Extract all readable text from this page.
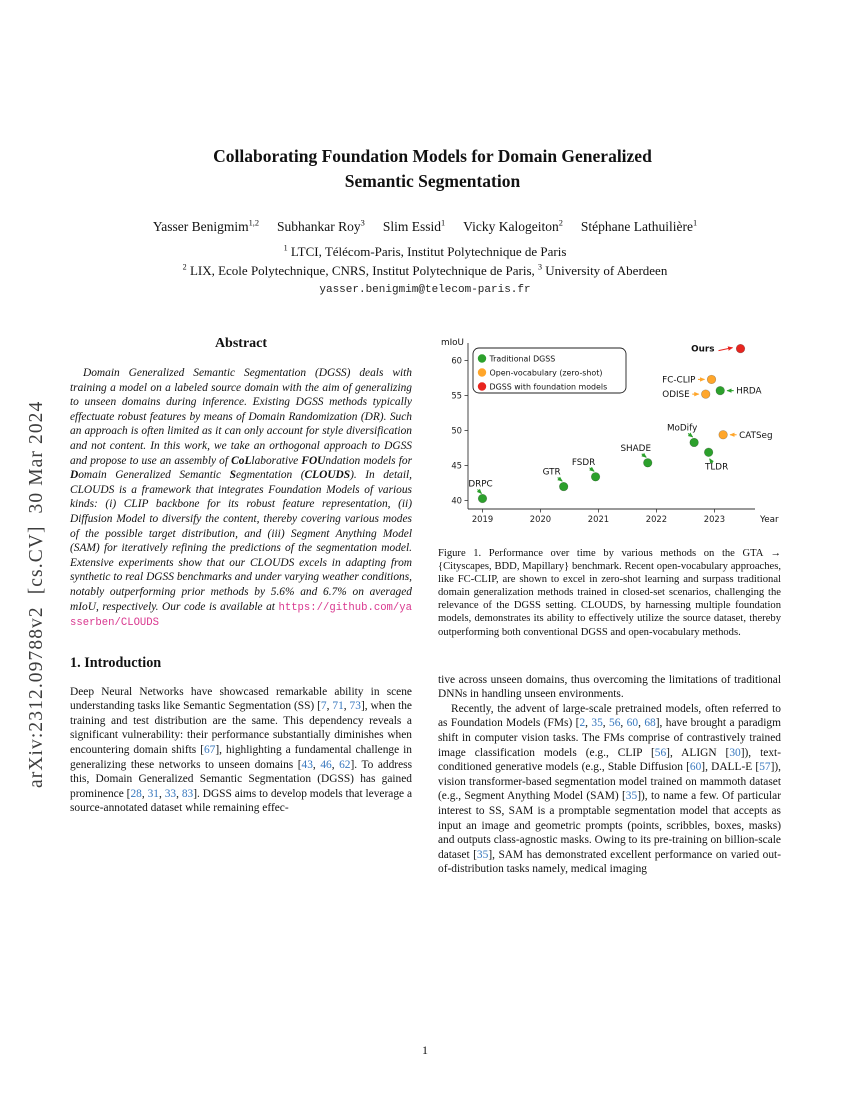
arXiv:2312.09788v2  [cs.CV]  30 Mar 2024
Collaborating Foundation Models for Domain Generalized
Semantic Segmentation
Yasser Benigmim$^{1,2}$ Subhankar Roy$^3$ Slim Essid$^1$ Vicky Kalogeiton$^2$ Stéphane Lathuilière$^1$
$^1$ LTCI, Télécom-Paris, Institut Polytechnique de Paris
$^2$ LIX, Ecole Polytechnique, CNRS, Institut Polytechnique de Paris, $^3$ University of Aberdeen
yasser.benigmim@telecom-paris.fr
Abstract

Domain Generalized Semantic Segmentation (DGSS) deals with training a model on a labeled source domain with the aim of generalizing to unseen domains during inference. Existing DGSS methods typically effectuate robust features by means of Domain Randomization (DR). Such an approach is often limited as it can only account for style diversification and not content. In this work, we take an orthogonal approach to DGSS and propose to use an assembly of CoLlaborative FOUndation models for Domain Generalized Semantic Segmentation (CLOUDS). In detail, CLOUDS is a framework that integrates Foundation Models of various kinds: (i) CLIP backbone for its robust feature representation, (ii) Diffusion Model to diversify the content, thereby covering various modes of the possible target distribution, and (iii) Segment Anything Model (SAM) for iteratively refining the predictions of the segmentation model. Extensive experiments show that our CLOUDS excels in adapting from synthetic to real DGSS benchmarks and under varying weather conditions, notably outperforming prior methods by 5.6% and 6.7% on averaged mIoU, respectively. Our code is available at https://github.com/yasserben/CLOUDS

1. Introduction

Deep Neural Networks have showcased remarkable ability in scene understanding tasks like Semantic Segmentation (SS) [7, 71, 73], when the training and test distribution are the same. This dependency reveals a significant vulnerability: their performance substantially diminishes when encountering domain shifts [67], highlighting a fundamental challenge in generalizing these networks to unseen domains [43, 46, 62]. To address this, Domain Generalized Semantic Segmentation (DGSS) has gained prominence [28, 31, 33, 83]. DGSS aims to develop models that leverage a source-annotated dataset while remaining effec-

2019	2020	2021	2022	2023
40
45
50
55
60
mIoU
Year
Traditional DGSS
Open-vocabulary (zero-shot)
DGSS with foundation models
DRPC
GTR
FSDR
SHADE
MoDify
TLDR
CATSeg
ODISE
FC-CLIP
HRDA
Ours
Figure 1. Performance over time by various methods on the GTA → {Cityscapes, BDD, Mapillary} benchmark. Recent open-vocabulary approaches, like FC-CLIP, are shown to excel in zero-shot learning and surpass traditional domain generalization methods trained in closed-set scenarios, challenging the relevance of the DGSS setting. CLOUDS, by harnessing multiple foundation models, demonstrates its ability to effectively utilize the source dataset, thereby outperforming both conventional DGSS and open-vocabulary methods.

tive across unseen domains, thus overcoming the limitations of traditional DNNs in handling unseen environments.

Recently, the advent of large-scale pretrained models, often referred to as Foundation Models (FMs) [2, 35, 56, 60, 68], have brought a paradigm shift in computer vision tasks. The FMs comprise of contrastively trained image classification models (e.g., CLIP [56], ALIGN [30]), text-conditioned generative models (e.g., Stable Diffusion [60], DALL-E [57]), vision transformer-based segmentation model trained on mammoth dataset (e.g., Segment Anything Model (SAM) [35]), to name a few. Of particular interest to SS, SAM is a promptable segmentation model that accepts as input an image and geometric prompts (points, scribbles, boxes, masks) and outputs class-agnostic masks. Owing to its pre-training on billion-scale dataset [35], SAM has demonstrated excellent performance on varied out-of-distribution tasks namely, medical imaging

1
